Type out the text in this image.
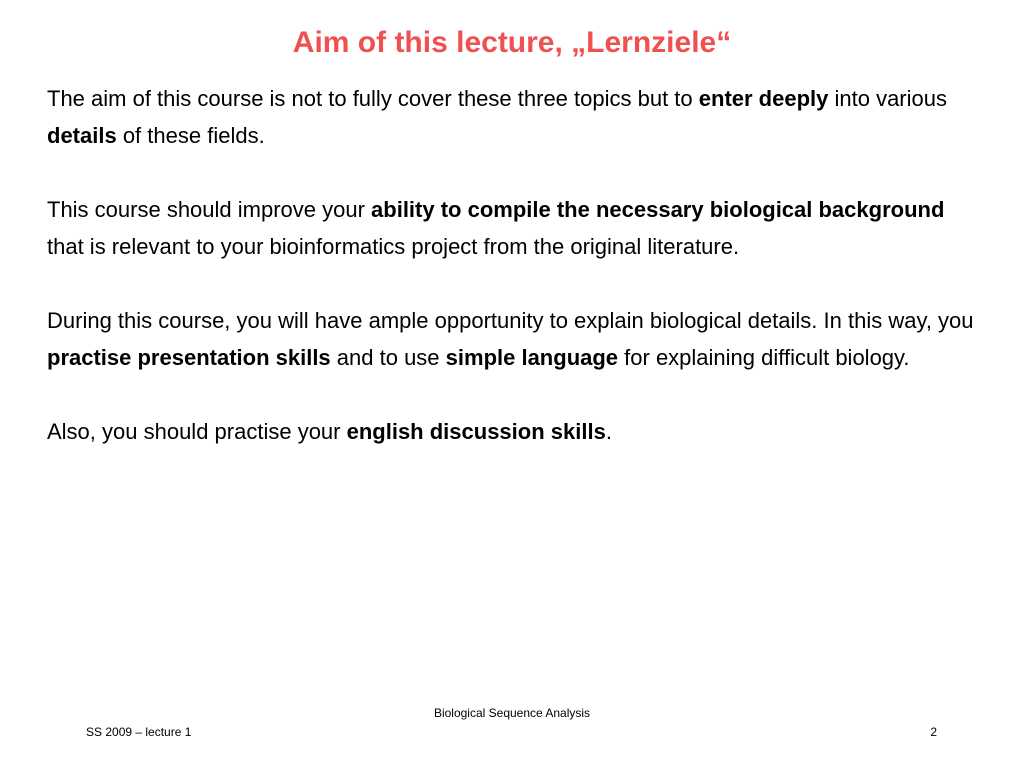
Aim of this lecture, „Lernziele“

The aim of this course is not to fully cover these three topics but to enter deeply into various details of these fields.

This course should improve your ability to compile the necessary biological background that is relevant to your bioinformatics project from the original literature.

During this course, you will have ample opportunity to explain biological details. In this way, you practise presentation skills and to use simple language for explaining difficult biology.

Also, you should practise your english discussion skills.

Biological Sequence Analysis
SS 2009 – lecture 1	2
